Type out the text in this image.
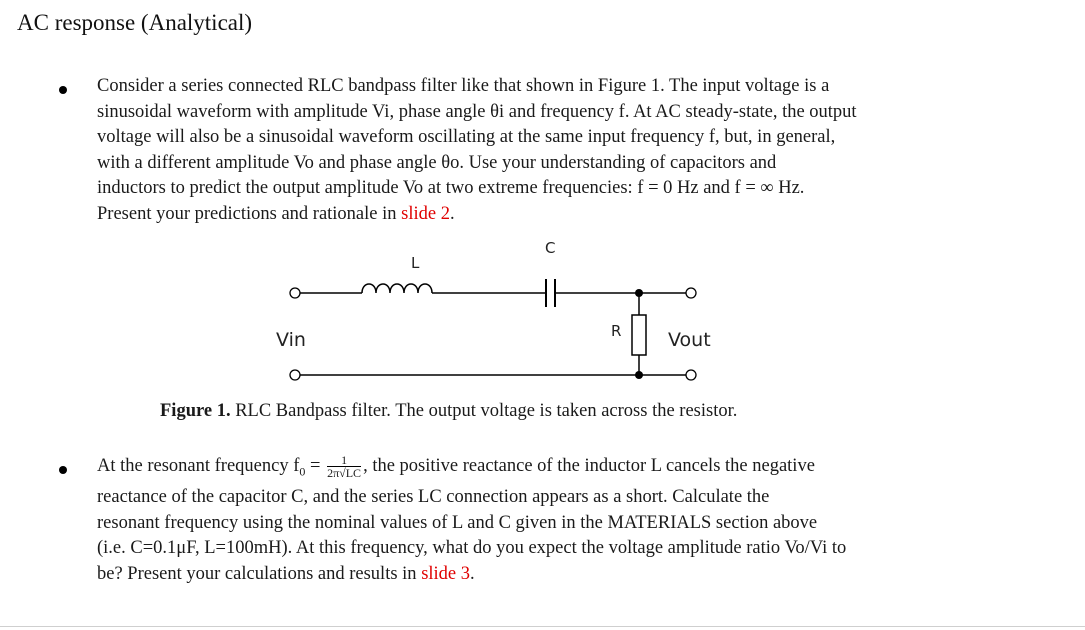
AC response (Analytical)

Consider a series connected RLC bandpass filter like that shown in Figure 1. The input voltage is a

sinusoidal waveform with amplitude Vi, phase angle θi and frequency f. At AC steady-state, the output

voltage will also be a sinusoidal waveform oscillating at the same input frequency f, but, in general,

with a different amplitude Vo and phase angle θo. Use your understanding of capacitors and

inductors to predict the output amplitude Vo at two extreme frequencies: f = 0 Hz and f = ∞ Hz.

Present your predictions and rationale in slide 2.

L
C
R
Vin	Vout
Figure 1. RLC Bandpass filter. The output voltage is taken across the resistor.

At the resonant frequency $f_0 = \frac{1}{2\pi√LC}$ , the positive reactance of the inductor L cancels the negative

reactance of the capacitor C, and the series LC connection appears as a short. Calculate the

resonant frequency using the nominal values of L and C given in the MATERIALS section above

(i.e. C=0.1μF, L=100mH). At this frequency, what do you expect the voltage amplitude ratio Vo/Vi to

be? Present your calculations and results in slide 3.
